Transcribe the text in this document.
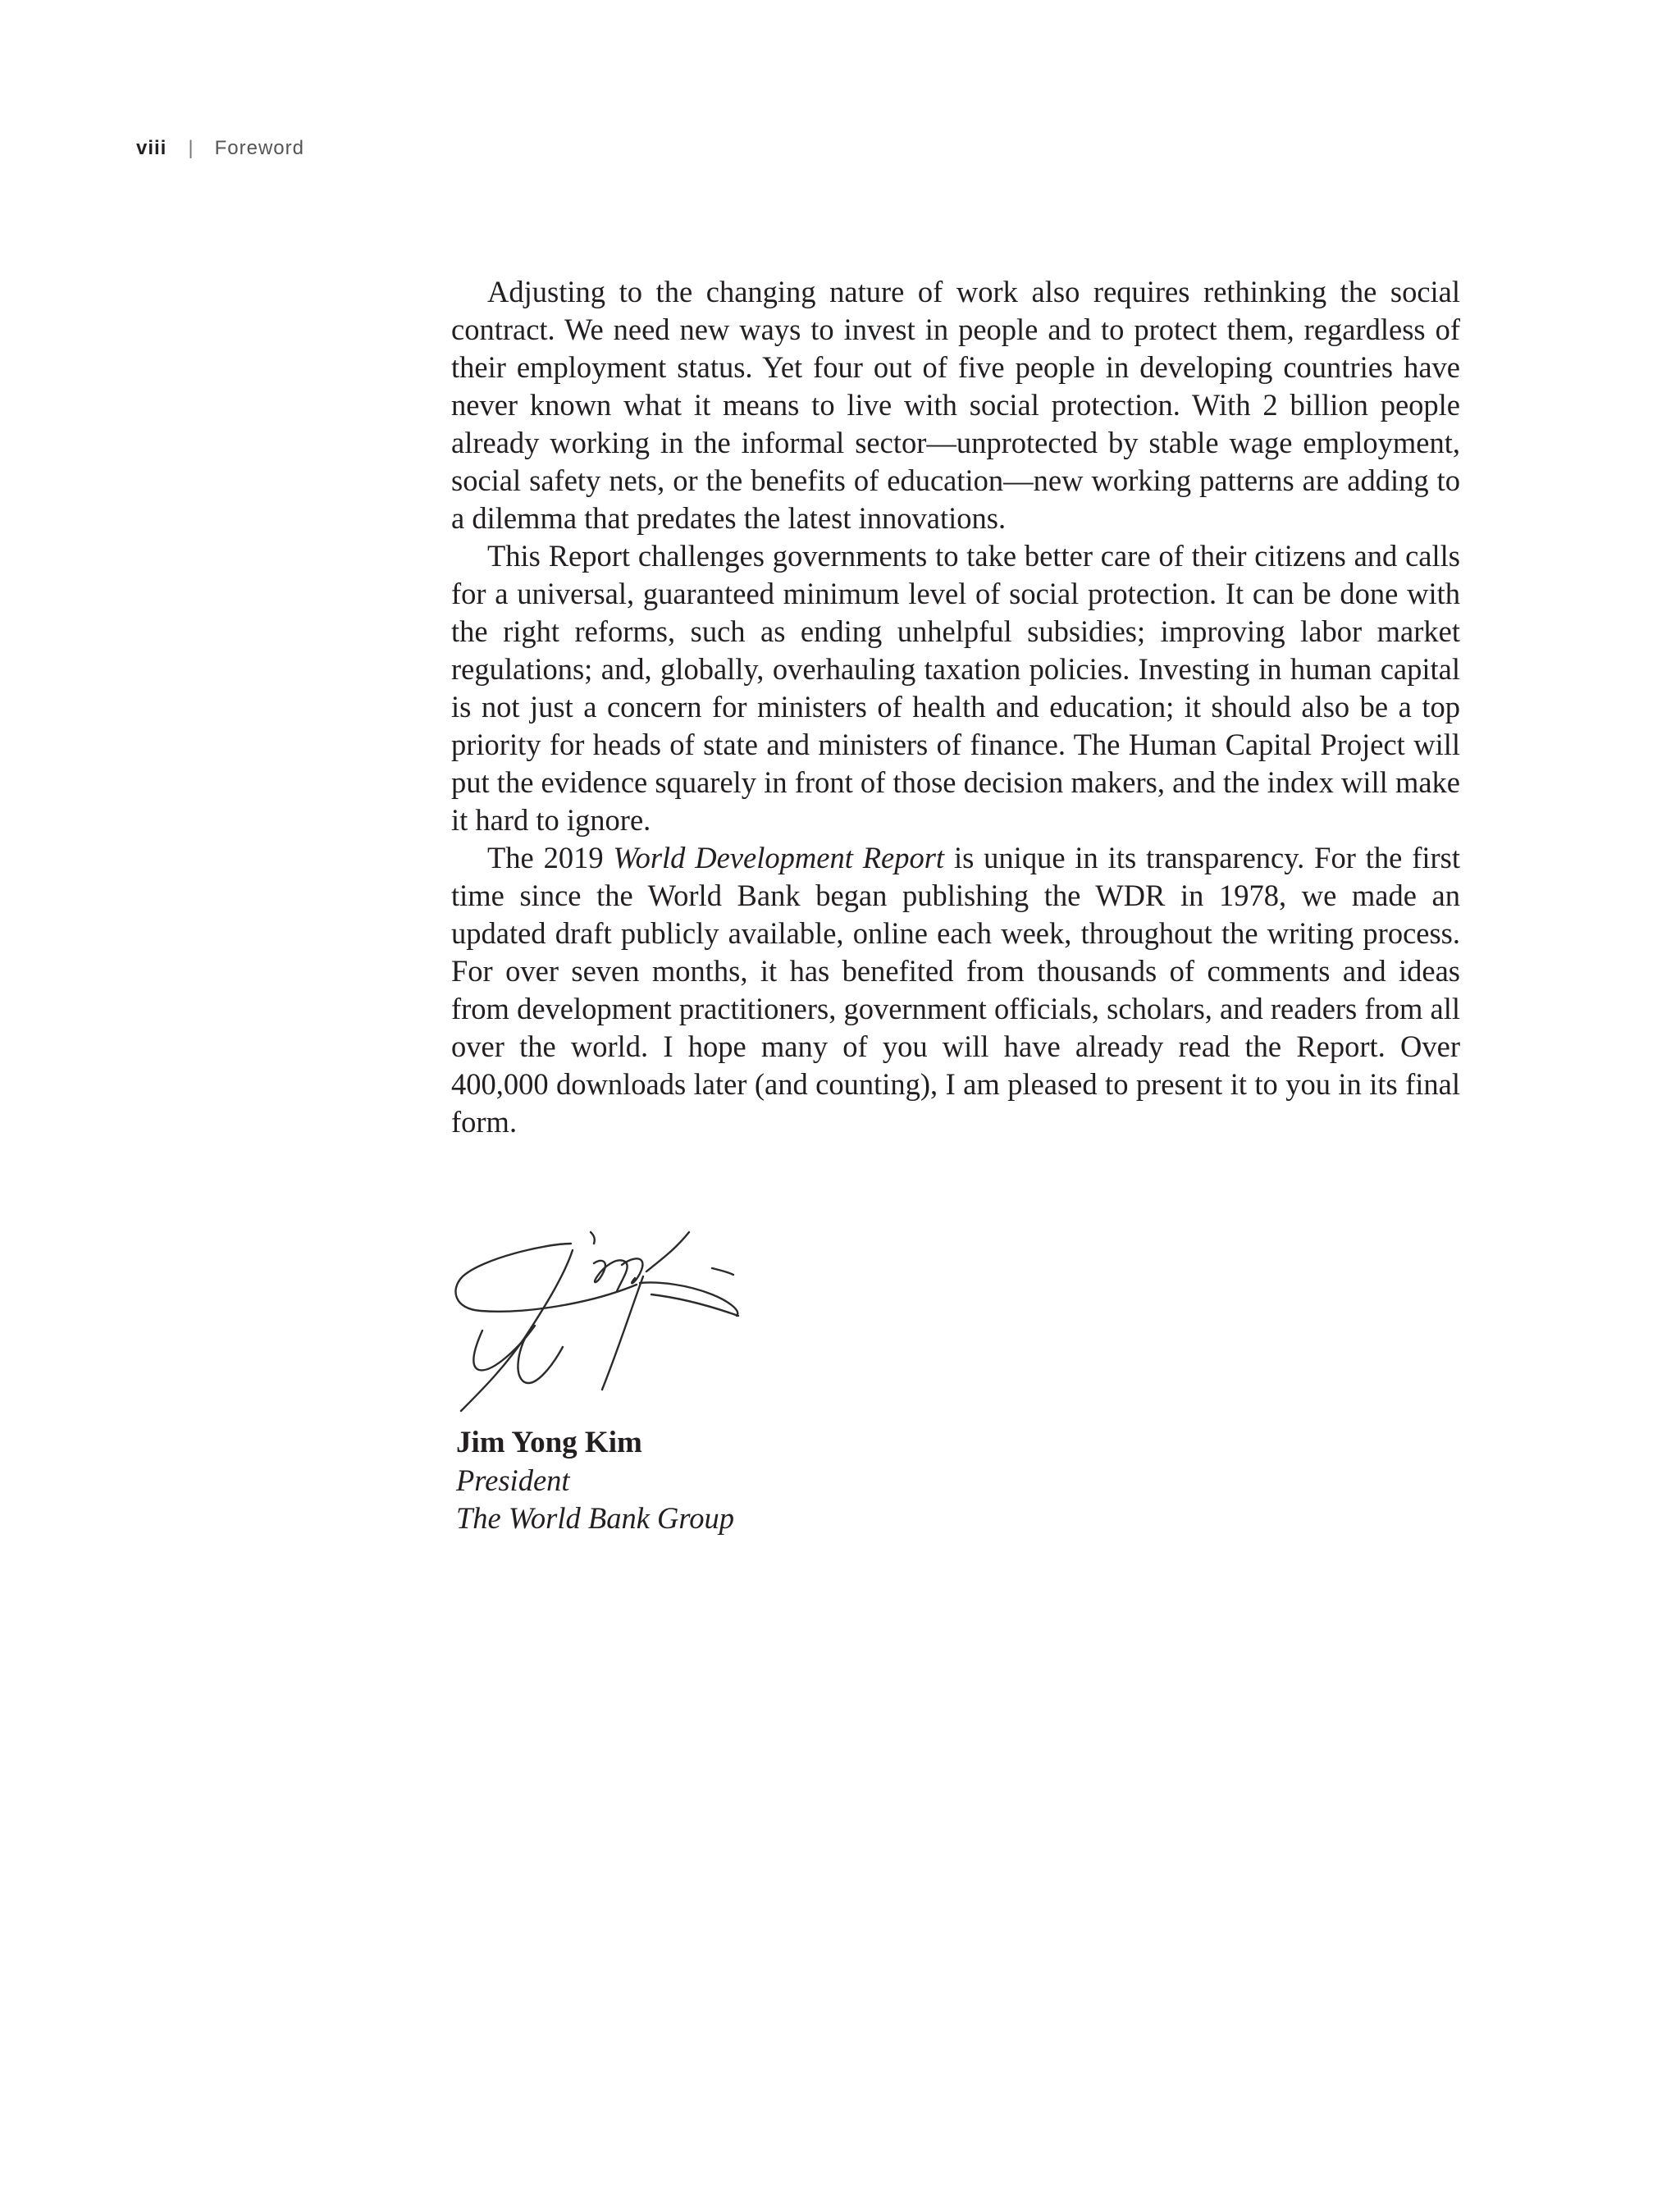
viii | Foreword

Adjusting to the changing nature of work also requires rethinking the social contract. We need new ways to invest in people and to protect them, regardless of their employment status. Yet four out of five people in developing countries have never known what it means to live with social protection. With 2 billion people already working in the informal sector—unprotected by stable wage employment, social safety nets, or the benefits of education—new working patterns are adding to a dilemma that predates the latest innovations.

This Report challenges governments to take better care of their citizens and calls for a universal, guaranteed minimum level of social protection. It can be done with the right reforms, such as ending unhelpful subsidies; improving labor market regulations; and, globally, overhauling taxation policies. Investing in human capital is not just a concern for ministers of health and education; it should also be a top priority for heads of state and ministers of finance. The Human Capital Project will put the evidence squarely in front of those decision makers, and the index will make it hard to ignore.

The 2019 World Development Report is unique in its transparency. For the first time since the World Bank began publishing the WDR in 1978, we made an updated draft publicly available, online each week, throughout the writing process. For over seven months, it has benefited from thousands of comments and ideas from development practitioners, government officials, scholars, and readers from all over the world. I hope many of you will have already read the Report. Over 400,000 downloads later (and counting), I am pleased to present it to you in its final form.

Jim Yong Kim
President
The World Bank Group
